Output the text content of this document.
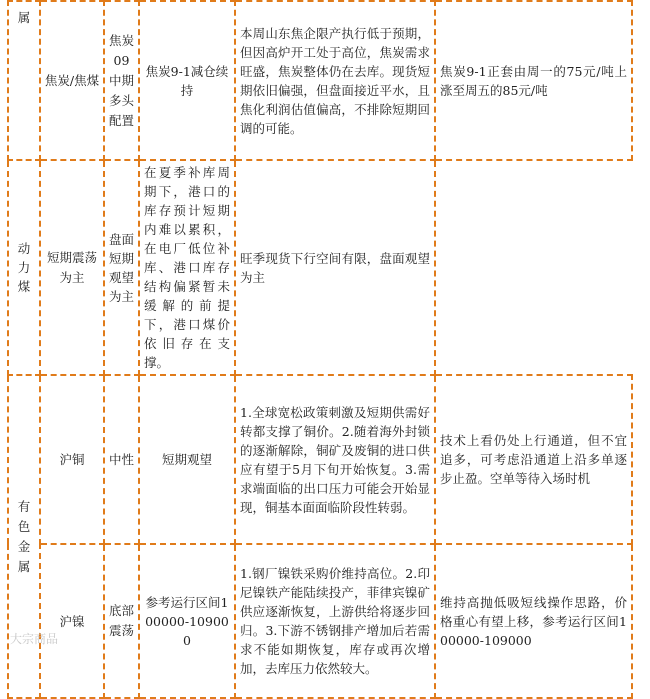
属	焦炭/焦煤	焦炭09中期多头配置	焦炭9-1减仓续持	本周山东焦企限产执行低于预期，但因高炉开工处于高位，焦炭需求旺盛，焦炭整体仍在去库。现货短期依旧偏强，但盘面接近平水，且焦化利润估值偏高，不排除短期回调的可能。	焦炭9-1正套由周一的75元/吨上涨至周五的85元/吨
动力煤	短期震荡为主	盘面短期观望为主	在夏季补库周期下，港口的库存预计短期内难以累积，在电厂低位补库、港口库存结构偏紧暂未缓解的前提下，港口煤价依旧存在支撑。	旺季现货下行空间有限，盘面观望为主	
有色金属	沪铜	中性	短期观望	1.全球宽松政策刺激及短期供需好转都支撑了铜价。2.随着海外封锁的逐渐解除，铜矿及废铜的进口供应有望于5月下旬开始恢复。3.需求端面临的出口压力可能会开始显现，铜基本面面临阶段性转弱。	技术上看仍处上行通道，但不宜追多，可考虑沿通道上沿多单逐步止盈。空单等待入场时机
	沪镍	底部震荡	参考运行区间100000-109000	1.钢厂镍铁采购价维持高位。2.印尼镍铁产能陆续投产，菲律宾镍矿供应逐渐恢复，上游供给将逐步回归。3.下游不锈钢排产增加后若需求不能如期恢复，库存或再次增加，去库压力依然较大。	维持高抛低吸短线操作思路，价格重心有望上移，参考运行区间100000-109000
大宗商品
